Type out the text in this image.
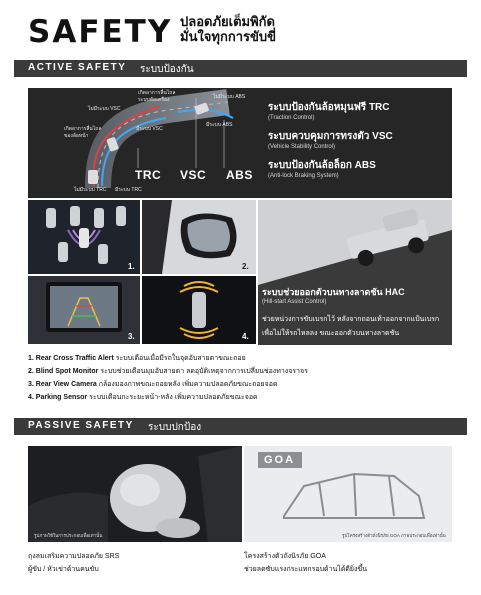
SAFETY ปลอดภัยเต็มพิกัด
มั่นใจทุกการขับขี่
ACTIVE SAFETY ระบบป้องกัน
ไม่มีระบบ ABS
มีระบบ ABS
เกิดอาการลื่นไถล
ระบบตัดเครื่อง
ไม่มีระบบ VSC
มีระบบ VSC
เกิดอาการลื่นไถล
ของล้อหน้า
ไม่มีระบบ TRC มีระบบ TRC
TRC VSC ABS
ระบบป้องกันล้อหมุนฟรี TRC
(Traction Control)
ระบบควบคุมการทรงตัว VSC
(Vehicle Stability Control)
ระบบป้องกันล้อล็อก ABS
(Anti-lock Braking System)
1.	2.
3.	4.
ระบบช่วยออกตัวบนทางลาดชัน HAC
(Hill-start Assist Control)
ช่วยหน่วงการขับเบรกไว้ หลังจากถอนเท้าออกจากแป้นเบรก
เพื่อไม่ให้รถไหลลง ขณะออกตัวบนทางลาดชัน
1. Rear Cross Traffic Alert ระบบเตือนเมื่อมีรถในจุดอับสายตาขณะถอย
2. Blind Spot Monitor ระบบช่วยเตือนมุมอับสายตา ลดอุบัติเหตุจากการเปลี่ยนช่องทางจราจร
3. Rear View Camera กล้องมองภาพขณะถอยหลัง เพิ่มความปลอดภัยขณะถอยจอด
4. Parking Sensor ระบบเตือนกะระยะหน้า-หลัง เพิ่มความปลอดภัยขณะจอด
PASSIVE SAFETY ระบบปกป้อง
รูปภาพใช้ในการประกอบเพื่อเท่านั้น
GOA
รูปโครงสร้างตัวถังนิรภัย GOA ภาพประกอบเพื่อเท่านั้น
ถุงลมเสริมความปลอดภัย SRS
ผู้ขับ / หัวเข่าด้านคนขับ
โครงสร้างตัวถังนิรภัย GOA
ช่วยลดซับแรงกระแทกรอบด้านได้ดียิ่งขึ้น
